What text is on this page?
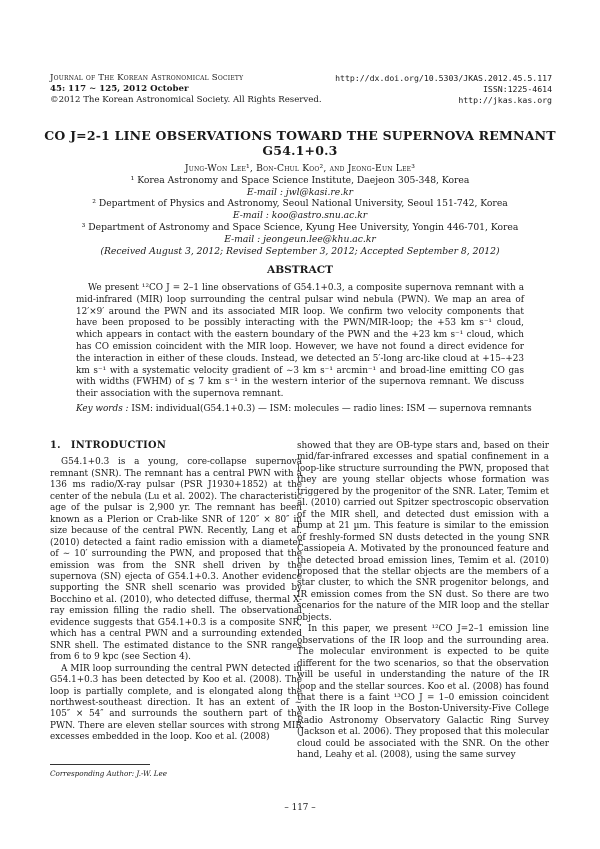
Journal of The Korean Astronomical Society
45: 117 ∼ 125, 2012 October
©2012 The Korean Astronomical Society. All Rights Reserved.
http://dx.doi.org/10.5303/JKAS.2012.45.5.117
ISSN:1225-4614
http://jkas.kas.org
CO J=2-1 LINE OBSERVATIONS TOWARD THE SUPERNOVA REMNANT
G54.1+0.3
Jung-Won Lee¹, Bon-Chul Koo², and Jeong-Eun Lee³
¹ Korea Astronomy and Space Science Institute, Daejeon 305-348, Korea
E-mail : jwl@kasi.re.kr
² Department of Physics and Astronomy, Seoul National University, Seoul 151-742, Korea
E-mail : koo@astro.snu.ac.kr
³ Department of Astronomy and Space Science, Kyung Hee University, Yongin 446-701, Korea
E-mail : jeongeun.lee@khu.ac.kr
(Received August 3, 2012; Revised September 3, 2012; Accepted September 8, 2012)
ABSTRACT
We present ¹²CO J = 2–1 line observations of G54.1+0.3, a composite supernova remnant with a mid-infrared (MIR) loop surrounding the central pulsar wind nebula (PWN). We map an area of 12′×9′ around the PWN and its associated MIR loop. We confirm two velocity components that have been proposed to be possibly interacting with the PWN/MIR-loop; the +53 km s⁻¹ cloud, which appears in contact with the eastern boundary of the PWN and the +23 km s⁻¹ cloud, which has CO emission coincident with the MIR loop. However, we have not found a direct evidence for the interaction in either of these clouds. Instead, we detected an 5′-long arc-like cloud at +15–+23 km s⁻¹ with a systematic velocity gradient of ∼3 km s⁻¹ arcmin⁻¹ and broad-line emitting CO gas with widths (FWHM) of ≲ 7 km s⁻¹ in the western interior of the supernova remnant. We discuss their association with the supernova remnant.
Key words : ISM: individual(G54.1+0.3) — ISM: molecules — radio lines: ISM — supernova remnants
1. INTRODUCTION

G54.1+0.3 is a young, core-collapse supernova remnant (SNR). The remnant has a central PWN with a 136 ms radio/X-ray pulsar (PSR J1930+1852) at the center of the nebula (Lu et al. 2002). The characteristic age of the pulsar is 2,900 yr. The remnant has been known as a Plerion or Crab-like SNR of 120″ × 80″ in size because of the central PWN. Recently, Lang et al. (2010) detected a faint radio emission with a diameter of ∼ 10′ surrounding the PWN, and proposed that the emission was from the SNR shell driven by the supernova (SN) ejecta of G54.1+0.3. Another evidence supporting the SNR shell scenario was provided by Bocchino et al. (2010), who detected diffuse, thermal X-ray emission filling the radio shell. The observational evidence suggests that G54.1+0.3 is a composite SNR, which has a central PWN and a surrounding extended SNR shell. The estimated distance to the SNR ranges from 6 to 9 kpc (see Section 4).

A MIR loop surrounding the central PWN detected in G54.1+0.3 has been detected by Koo et al. (2008). The loop is partially complete, and is elongated along the northwest-southeast direction. It has an extent of ∼ 105″ × 54″ and surrounds the southern part of the PWN. There are eleven stellar sources with strong MIR excesses embedded in the loop. Koo et al. (2008)

showed that they are OB-type stars and, based on their mid/far-infrared excesses and spatial confinement in a loop-like structure surrounding the PWN, proposed that they are young stellar objects whose formation was triggered by the progenitor of the SNR. Later, Temim et al. (2010) carried out Spitzer spectroscopic observation of the MIR shell, and detected dust emission with a bump at 21 µm. This feature is similar to the emission of freshly-formed SN dusts detected in the young SNR Cassiopeia A. Motivated by the pronounced feature and the detected broad emission lines, Temim et al. (2010) proposed that the stellar objects are the members of a star cluster, to which the SNR progenitor belongs, and IR emission comes from the SN dust. So there are two scenarios for the nature of the MIR loop and the stellar objects.

In this paper, we present ¹²CO J=2–1 emission line observations of the IR loop and the surrounding area. The molecular environment is expected to be quite different for the two scenarios, so that the observation will be useful in understanding the nature of the IR loop and the stellar sources. Koo et al. (2008) has found that there is a faint ¹³CO J = 1–0 emission coincident with the IR loop in the Boston-University-Five College Radio Astronomy Observatory Galactic Ring Survey (Jackson et al. 2006). They proposed that this molecular cloud could be associated with the SNR. On the other hand, Leahy et al. (2008), using the same survey

Corresponding Author: J.-W. Lee
– 117 –
